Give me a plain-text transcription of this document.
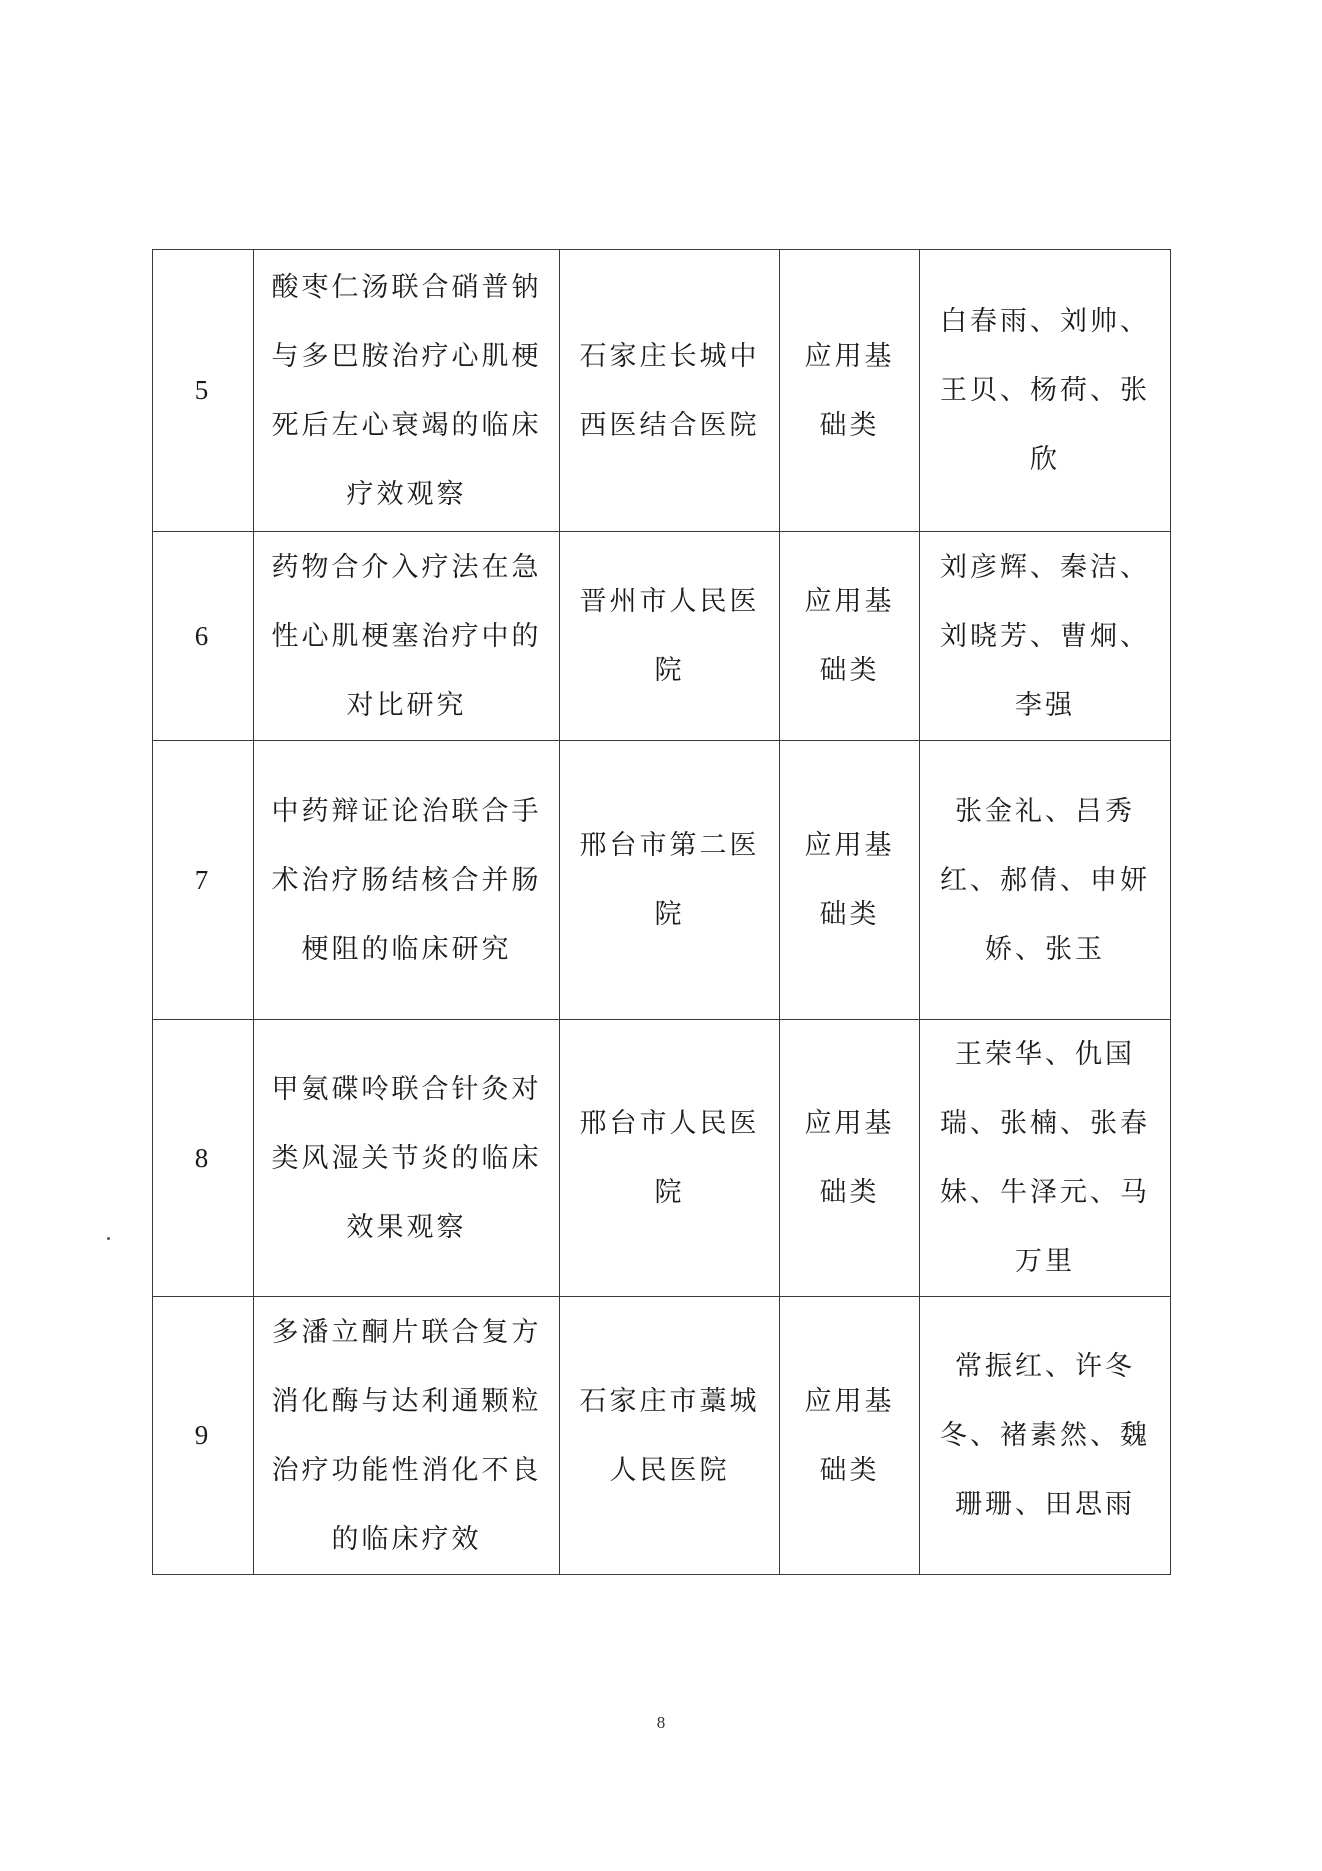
5	酸枣仁汤联合硝普钠与多巴胺治疗心肌梗死后左心衰竭的临床疗效观察	石家庄长城中西医结合医院	应用基础类	白春雨、刘帅、王贝、杨荷、张欣
6	药物合介入疗法在急性心肌梗塞治疗中的对比研究	晋州市人民医院	应用基础类	刘彦辉、秦洁、刘晓芳、曹炯、李强
7	中药辩证论治联合手术治疗肠结核合并肠梗阻的临床研究	邢台市第二医院	应用基础类	张金礼、吕秀红、郝倩、申妍娇、张玉
8	甲氨碟呤联合针灸对类风湿关节炎的临床效果观察	邢台市人民医院	应用基础类	王荣华、仇国瑞、张楠、张春妹、牛泽元、马万里
9	多潘立酮片联合复方消化酶与达利通颗粒治疗功能性消化不良的临床疗效	石家庄市藁城人民医院	应用基础类	常振红、许冬冬、褚素然、魏珊珊、田思雨
8
